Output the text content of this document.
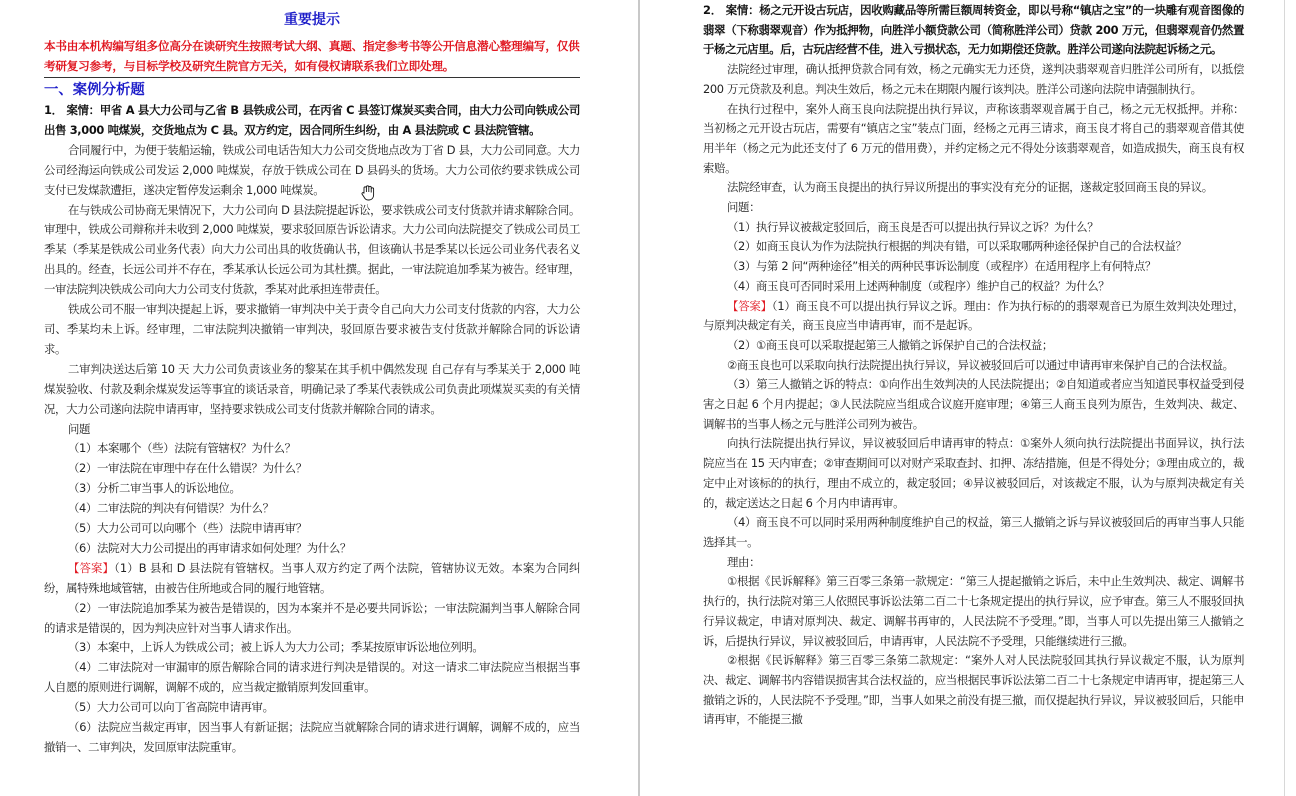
重要提示
本书由本机构编写组多位高分在读研究生按照考试大纲、真题、指定参考书等公开信息潜心整理编写，仅供考研复习参考，与目标学校及研究生院官方无关，如有侵权请联系我们立即处理。
一、案例分析题

1． 案情：甲省 A 县大力公司与乙省 B 县铁成公司，在丙省 C 县签订煤炭买卖合同，由大力公司向铁成公司出售 3,000 吨煤炭，交货地点为 C 县。双方约定，因合同所生纠纷，由 A 县法院或 C 县法院管辖。

合同履行中，为便于装船运输，铁成公司电话告知大力公司交货地点改为丁省 D 县，大力公司同意。大力公司经海运向铁成公司发运 2,000 吨煤炭，存放于铁成公司在 D 县码头的货场。大力公司依约要求铁成公司支付已发煤款遭拒，遂决定暂停发运剩余 1,000 吨煤炭。

在与铁成公司协商无果情况下，大力公司向 D 县法院提起诉讼，要求铁成公司支付货款并请求解除合同。审理中，铁成公司辩称并未收到 2,000 吨煤炭，要求驳回原告诉讼请求。大力公司向法院提交了铁成公司员工季某（季某是铁成公司业务代表）向大力公司出具的收货确认书，但该确认书是季某以长远公司业务代表名义出具的。经查，长远公司并不存在，季某承认长远公司为其杜撰。据此，一审法院追加季某为被告。经审理，一审法院判决铁成公司向大力公司支付货款，季某对此承担连带责任。

铁成公司不服一审判决提起上诉，要求撤销一审判决中关于责令自己向大力公司支付货款的内容，大力公司、季某均未上诉。经审理，二审法院判决撤销一审判决，驳回原告要求被告支付货款并解除合同的诉讼请求。

二审判决送达后第 10 天 大力公司负责该业务的黎某在其手机中偶然发现 自己存有与季某关于 2,000 吨煤炭验收、付款及剩余煤炭发运等事宜的谈话录音，明确记录了季某代表铁成公司负责此项煤炭买卖的有关情况，大力公司遂向法院申请再审，坚持要求铁成公司支付货款并解除合同的请求。

问题

（1）本案哪个（些）法院有管辖权？为什么？

（2）一审法院在审理中存在什么错误？为什么？

（3）分析二审当事人的诉讼地位。

（4）二审法院的判决有何错误？为什么？

（5）大力公司可以向哪个（些）法院申请再审？

（6）法院对大力公司提出的再审请求如何处理？为什么？

【答案】（1）B 县和 D 县法院有管辖权。当事人双方约定了两个法院，管辖协议无效。本案为合同纠纷，属特殊地域管辖，由被告住所地或合同的履行地管辖。

（2）一审法院追加季某为被告是错误的，因为本案并不是必要共同诉讼；一审法院漏判当事人解除合同的请求是错误的，因为判决应针对当事人请求作出。

（3）本案中，上诉人为铁成公司；被上诉人为大力公司；季某按原审诉讼地位列明。

（4）二审法院对一审漏审的原告解除合同的请求进行判决是错误的。对这一请求二审法院应当根据当事人自愿的原则进行调解，调解不成的，应当裁定撤销原判发回重审。

（5）大力公司可以向丁省高院申请再审。

（6）法院应当裁定再审，因当事人有新证据；法院应当就解除合同的请求进行调解，调解不成的，应当撤销一、二审判决，发回原审法院重审。

2． 案情：杨之元开设古玩店，因收购藏品等所需巨额周转资金，即以号称“镇店之宝”的一块雕有观音图像的翡翠（下称翡翠观音）作为抵押物，向胜洋小额贷款公司（简称胜洋公司）贷款 200 万元，但翡翠观音仍然置于杨之元店里。后，古玩店经营不佳，进入亏损状态，无力如期偿还贷款。胜洋公司遂向法院起诉杨之元。

法院经过审理，确认抵押贷款合同有效，杨之元确实无力还贷，遂判决翡翠观音归胜洋公司所有，以抵偿 200 万元贷款及利息。判决生效后，杨之元未在期限内履行该判决。胜洋公司遂向法院申请强制执行。

在执行过程中，案外人商玉良向法院提出执行异议，声称该翡翠观音属于自己，杨之元无权抵押。并称：当初杨之元开设古玩店，需要有“镇店之宝”装点门面，经杨之元再三请求，商玉良才将自己的翡翠观音借其使用半年（杨之元为此还支付了 6 万元的借用费），并约定杨之元不得处分该翡翠观音，如造成损失，商玉良有权索赔。

法院经审查，认为商玉良提出的执行异议所提出的事实没有充分的证据，遂裁定驳回商玉良的异议。

问题：

（1）执行异议被裁定驳回后，商玉良是否可以提出执行异议之诉？为什么？

（2）如商玉良认为作为法院执行根据的判决有错，可以采取哪两种途径保护自己的合法权益？

（3）与第 2 问“两种途径”相关的两种民事诉讼制度（或程序）在适用程序上有何特点？

（4）商玉良可否同时采用上述两种制度（或程序）维护自己的权益？为什么？

【答案】（1）商玉良不可以提出执行异议之诉。理由：作为执行标的的翡翠观音已为原生效判决处理过，与原判决裁定有关，商玉良应当申请再审，而不是起诉。

（2）①商玉良可以采取提起第三人撤销之诉保护自己的合法权益；

②商玉良也可以采取向执行法院提出执行异议，异议被驳回后可以通过申请再审来保护自己的合法权益。

（3）第三人撤销之诉的特点：①向作出生效判决的人民法院提出；②自知道或者应当知道民事权益受到侵害之日起 6 个月内提起；③人民法院应当组成合议庭开庭审理；④第三人商玉良列为原告，生效判决、裁定、调解书的当事人杨之元与胜洋公司列为被告。

向执行法院提出执行异议，异议被驳回后申请再审的特点：①案外人须向执行法院提出书面异议，执行法院应当在 15 天内审查；②审查期间可以对财产采取查封、扣押、冻结措施，但是不得处分；③理由成立的，裁定中止对该标的的执行，理由不成立的，裁定驳回；④异议被驳回后，对该裁定不服，认为与原判决裁定有关的，裁定送达之日起 6 个月内申请再审。

（4）商玉良不可以同时采用两种制度维护自己的权益，第三人撤销之诉与异议被驳回后的再审当事人只能选择其一。

理由：

①根据《民诉解释》第三百零三条第一款规定：“第三人提起撤销之诉后，未中止生效判决、裁定、调解书执行的，执行法院对第三人依照民事诉讼法第二百二十七条规定提出的执行异议，应予审查。第三人不服驳回执行异议裁定，申请对原判决、裁定、调解书再审的，人民法院不予受理。”即，当事人可以先提出第三人撤销之诉，后提执行异议，异议被驳回后，申请再审，人民法院不予受理，只能继续进行三撤。

②根据《民诉解释》第三百零三条第二款规定：“案外人对人民法院驳回其执行异议裁定不服，认为原判决、裁定、调解书内容错误损害其合法权益的，应当根据民事诉讼法第二百二十七条规定申请再审，提起第三人撤销之诉的，人民法院不予受理。”即，当事人如果之前没有提三撤，而仅提起执行异议，异议被驳回后，只能申请再审，不能提三撤
